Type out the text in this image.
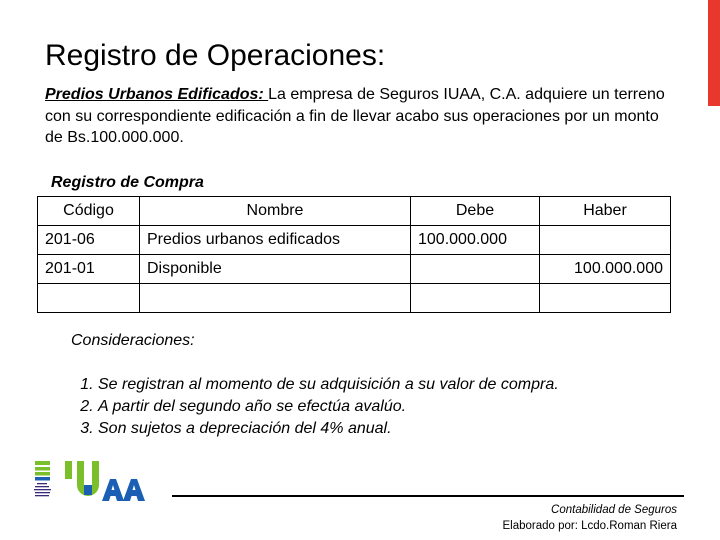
Registro de Operaciones:
Predios Urbanos Edificados: La empresa de Seguros IUAA, C.A. adquiere un terreno con su correspondiente edificación a fin de llevar acabo sus operaciones por un monto de Bs.100.000.000.
Registro de Compra
Código	Nombre	Debe	Haber
201-06	Predios urbanos edificados	100.000.000	
201-01	Disponible		100.000.000

Consideraciones:
1. Se registran al momento de su adquisición a su valor de compra.
2. A partir del segundo año se efectúa avalúo.
3. Son sujetos a depreciación del 4% anual.
Contabilidad de Seguros
Elaborado por: Lcdo.Roman Riera
